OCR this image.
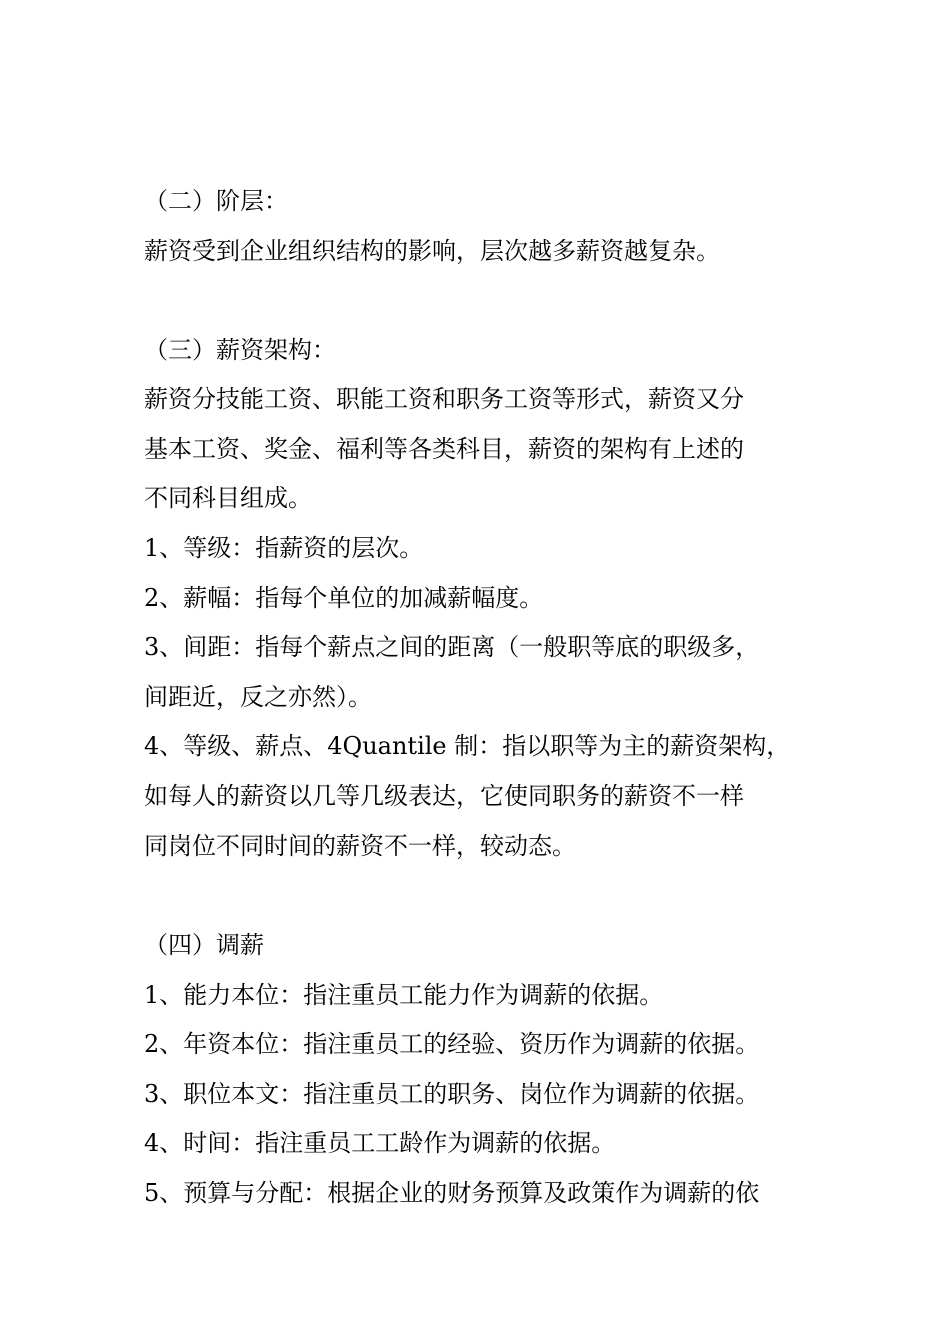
（二）阶层：
薪资受到企业组织结构的影响，层次越多薪资越复杂。
（三）薪资架构：
薪资分技能工资、职能工资和职务工资等形式，薪资又分
基本工资、奖金、福利等各类科目，薪资的架构有上述的
不同科目组成。
1、等级：指薪资的层次。
2、薪幅：指每个单位的加减薪幅度。
3、间距：指每个薪点之间的距离（一般职等底的职级多，
间距近，反之亦然）。
4、等级、薪点、4Quantile 制：指以职等为主的薪资架构，
如每人的薪资以几等几级表达，它使同职务的薪资不一样
同岗位不同时间的薪资不一样，较动态。
（四）调薪
1、能力本位：指注重员工能力作为调薪的依据。
2、年资本位：指注重员工的经验、资历作为调薪的依据。
3、职位本文：指注重员工的职务、岗位作为调薪的依据。
4、时间：指注重员工工龄作为调薪的依据。
5、预算与分配：根据企业的财务预算及政策作为调薪的依
